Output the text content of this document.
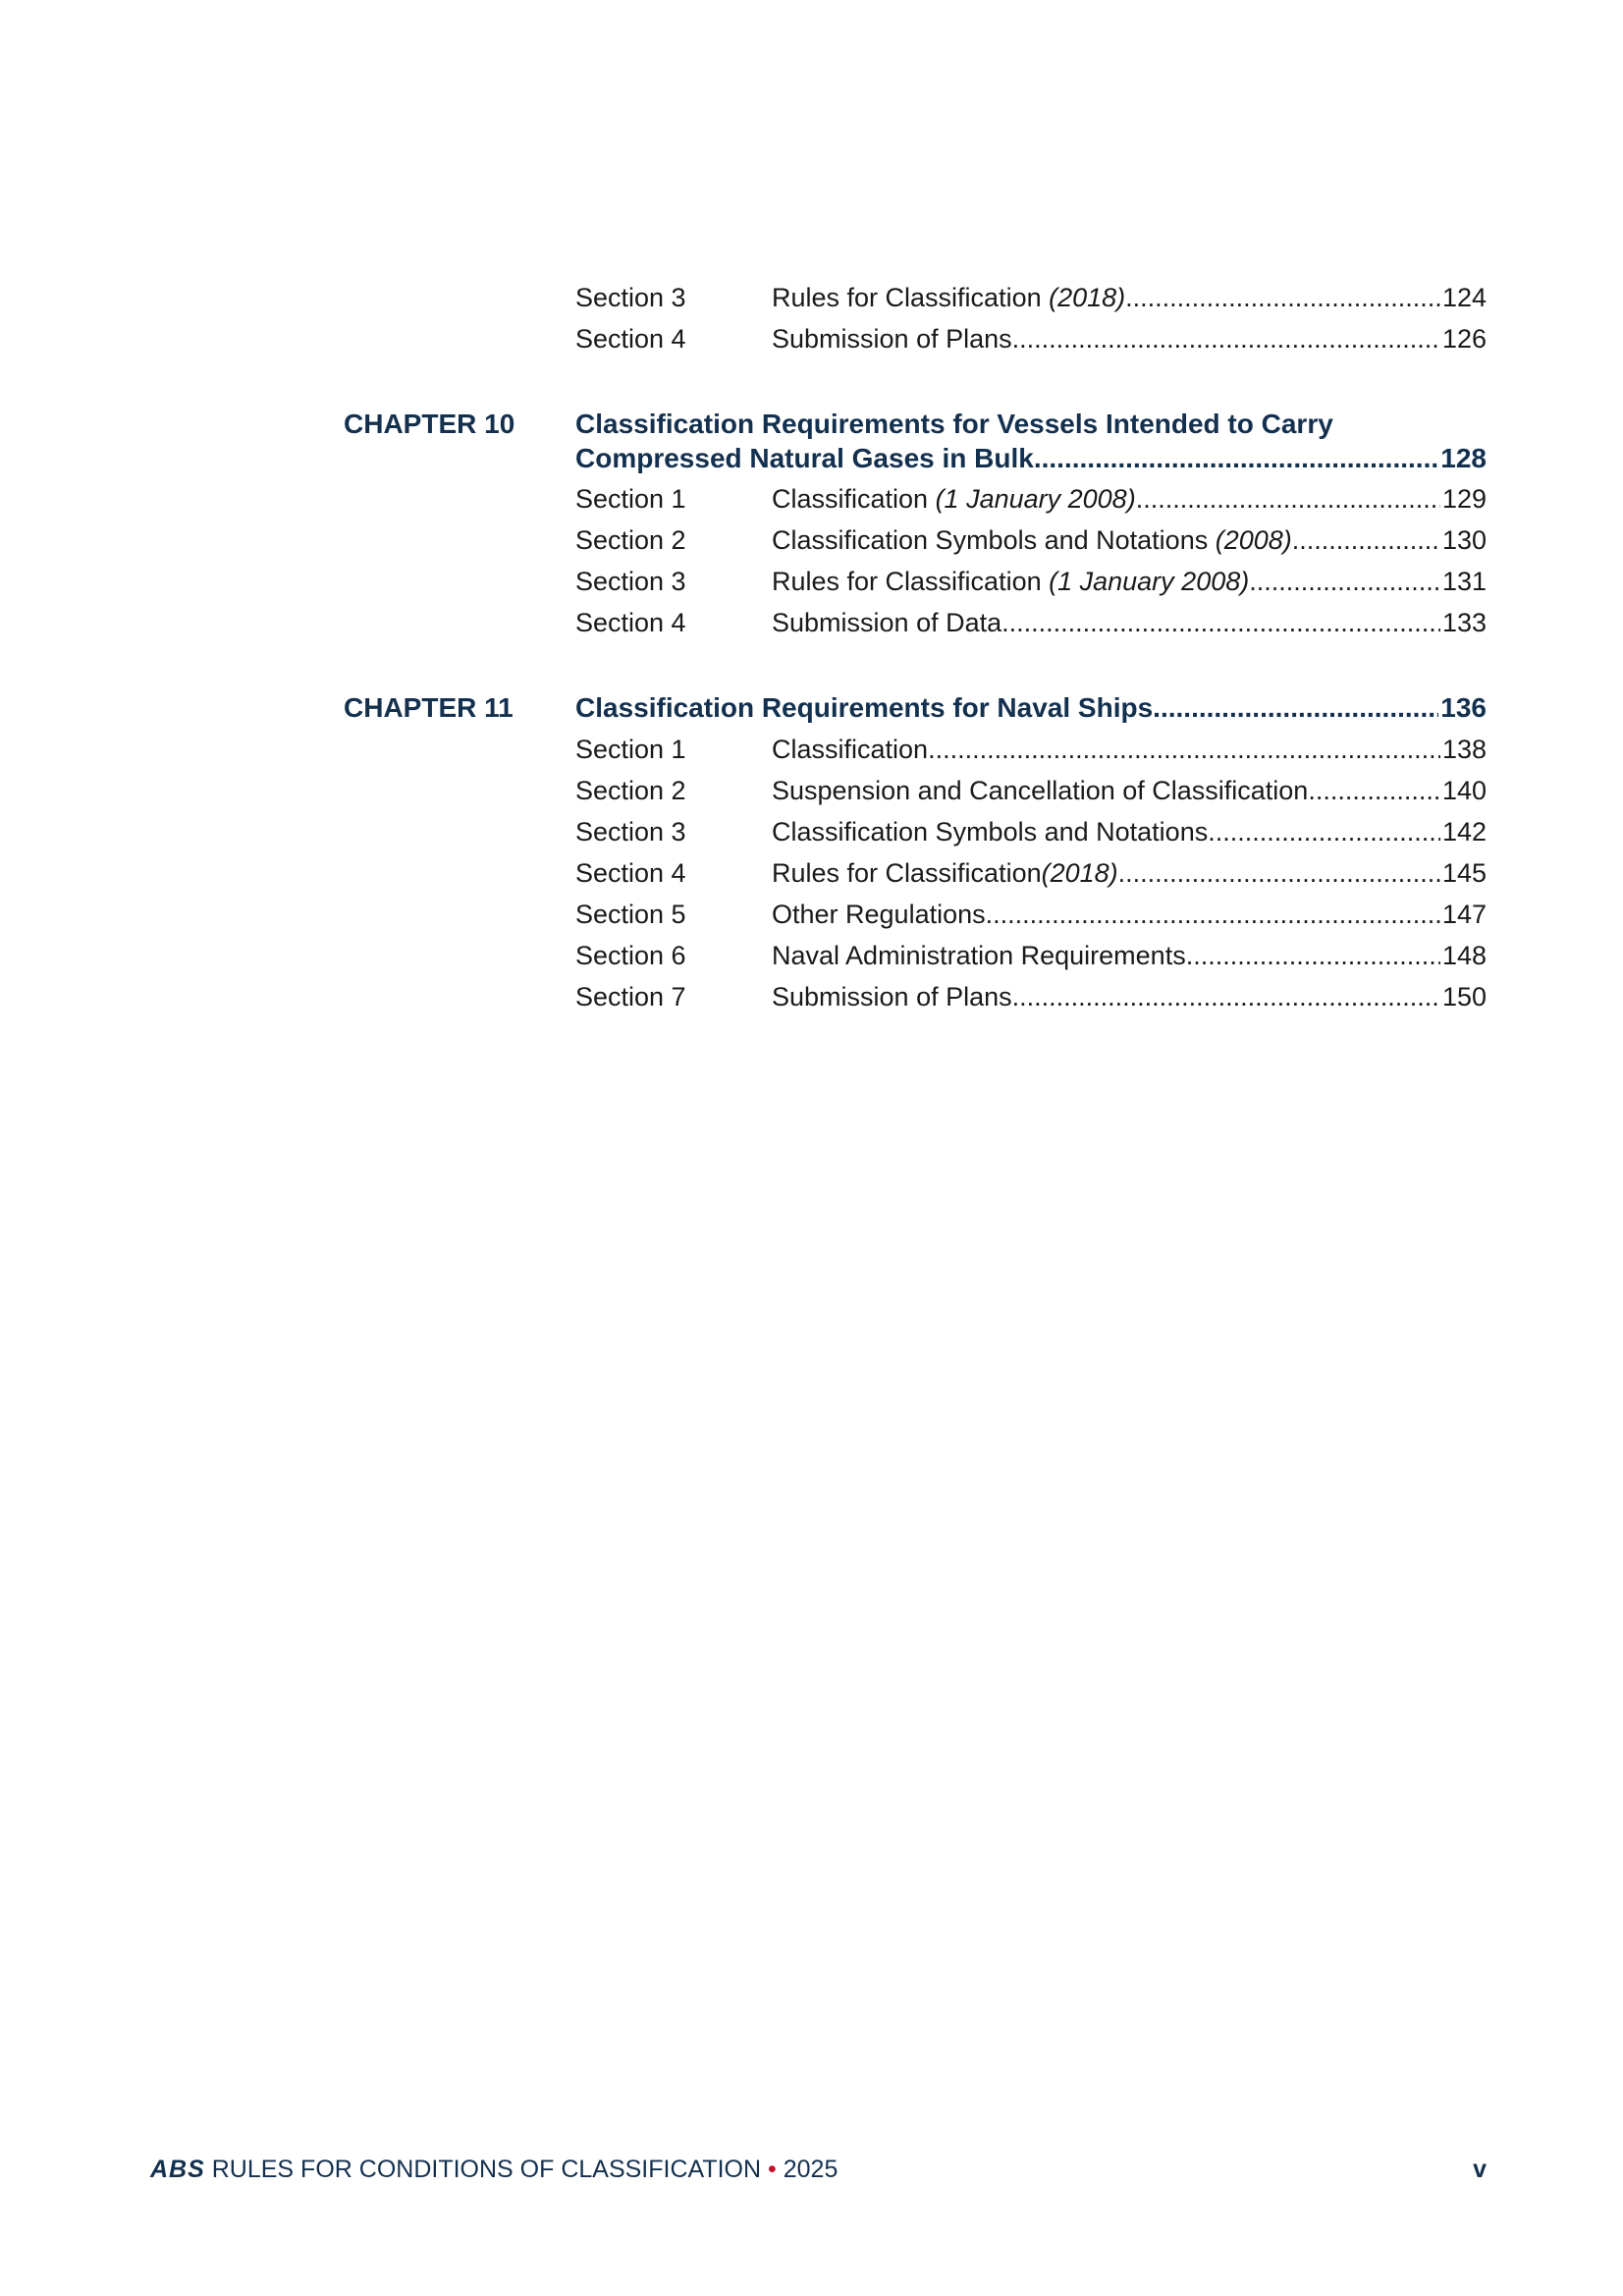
Section 3	Rules for Classification (2018) .....	124
Section 4	Submission of Plans .....	126
CHAPTER 10 Classification Requirements for Vessels Intended to Carry
Compressed Natural Gases in Bulk .....	128
Section 1	Classification (1 January 2008) .....	129
Section 2	Classification Symbols and Notations (2008) .....	130
Section 3	Rules for Classification (1 January 2008) .....	131
Section 4	Submission of Data .....	133
CHAPTER 11 Classification Requirements for Naval Ships .....	136
Section 1	Classification .....	138
Section 2	Suspension and Cancellation of Classification .....	140
Section 3	Classification Symbols and Notations .....	142
Section 4	Rules for Classification(2018) .....	145
Section 5	Other Regulations .....	147
Section 6	Naval Administration Requirements .....	148
Section 7	Submission of Plans .....	150
ABS RULES FOR CONDITIONS OF CLASSIFICATION • 2025	v
